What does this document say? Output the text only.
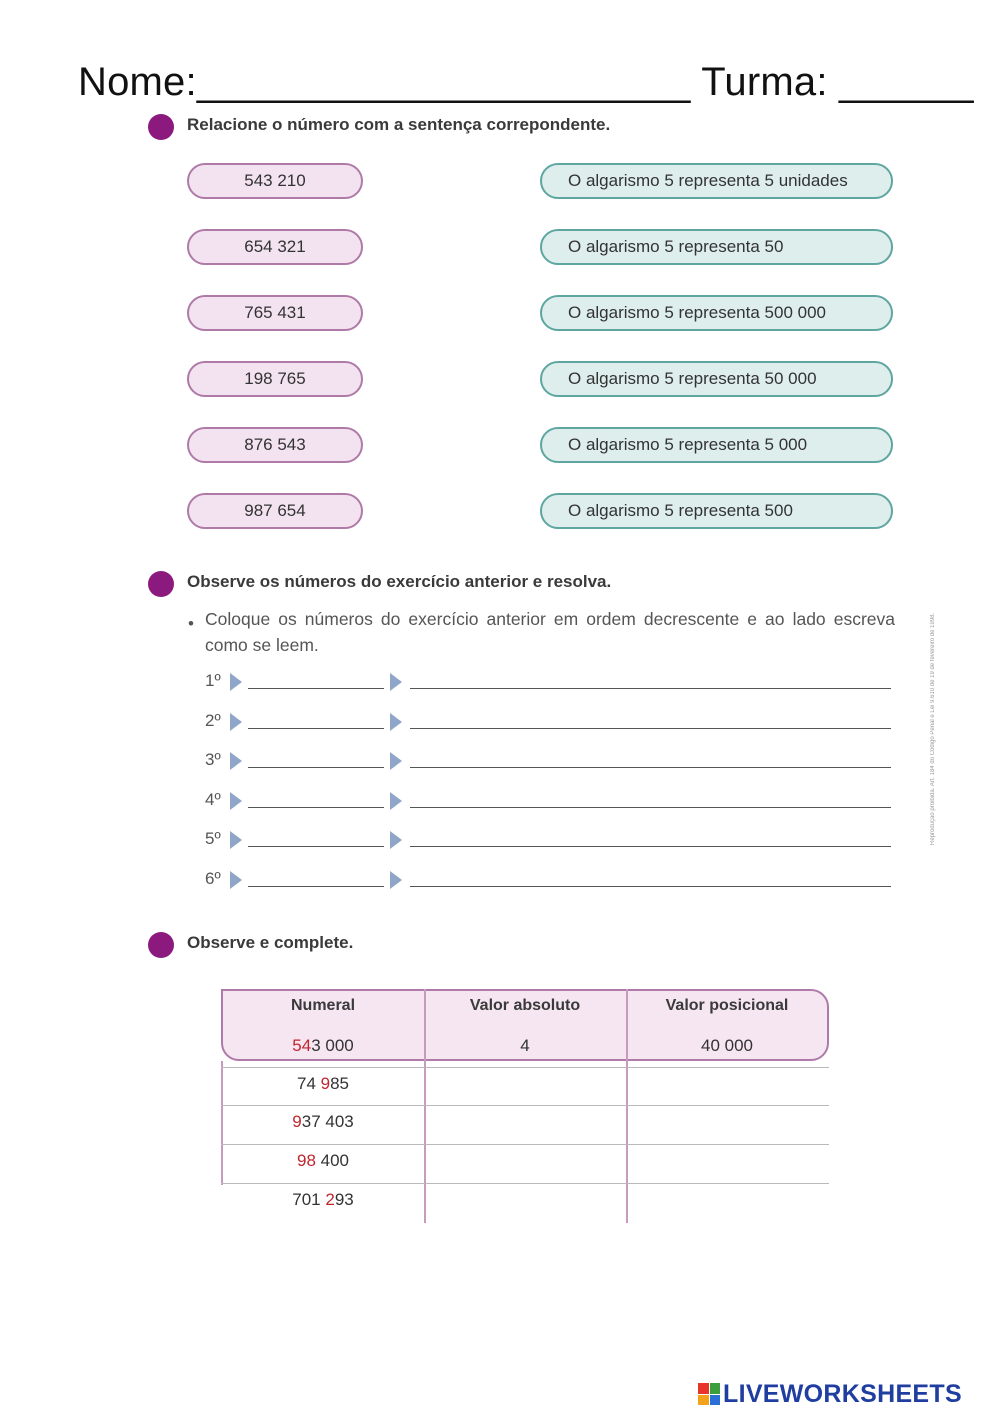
Nome:______________________ Turma: ______
Relacione o número com a sentença correpondente.
543 210
654 321
765 431
198 765
876 543
987 654
O algarismo 5 representa 5 unidades
O algarismo 5 representa 50
O algarismo 5 representa 500 000
O algarismo 5 representa 50 000
O algarismo 5 representa 5 000
O algarismo 5 representa 500
Observe os números do exercício anterior e resolva.
• Coloque os números do exercício anterior em ordem decrescente e ao lado escreva como se leem.
1º
2º
3º
4º
5º
6º
Reprodução proibida. Art. 184 do Código Penal e Lei 9.610 de 19 de fevereiro de 1998.
Observe e complete.
Numeral	Valor absoluto	Valor posicional
543 000	4	40 000
74 985
937 403
98 400
701 293
LIVEWORKSHEETS
